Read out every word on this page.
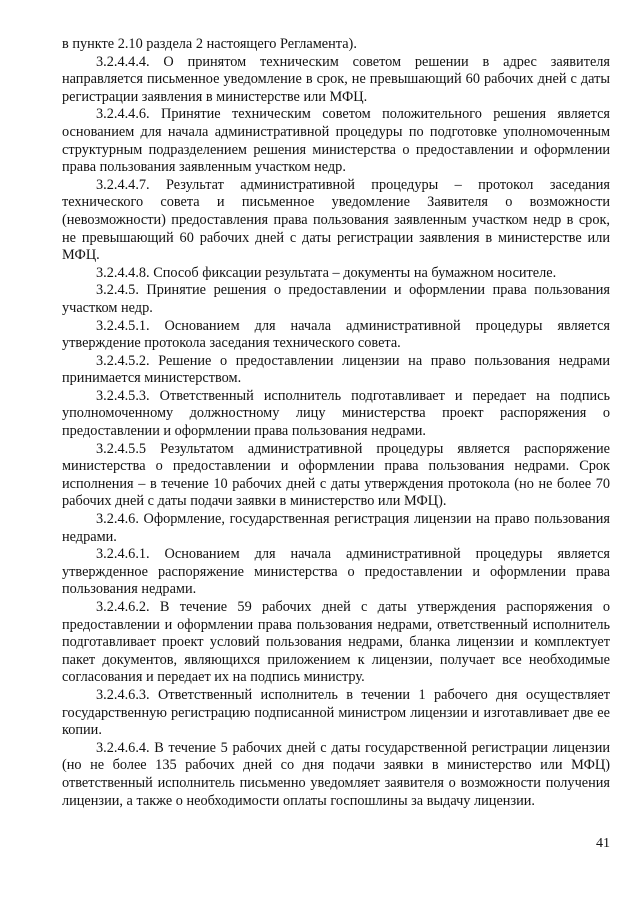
в пункте 2.10 раздела 2 настоящего Регламента).

3.2.4.4.4. О принятом техническим советом решении в адрес заявителя направляется письменное уведомление в срок, не превышающий 60 рабочих дней с даты регистрации заявления в министерстве или МФЦ.

3.2.4.4.6. Принятие техническим советом положительного решения является основанием для начала административной процедуры по подготовке уполномоченным структурным подразделением решения министерства о предоставлении и оформлении права пользования заявленным участком недр.

3.2.4.4.7. Результат административной процедуры – протокол заседания технического совета и письменное уведомление Заявителя о возможности (невозможности) предоставления права пользования заявленным участком недр в срок, не превышающий 60 рабочих дней с даты регистрации заявления в министерстве или МФЦ.

3.2.4.4.8. Способ фиксации результата – документы на бумажном носителе.

3.2.4.5. Принятие решения о предоставлении и оформлении права пользования участком недр.

3.2.4.5.1. Основанием для начала административной процедуры является утверждение протокола заседания технического совета.

3.2.4.5.2. Решение о предоставлении лицензии на право пользования недрами принимается министерством.

3.2.4.5.3. Ответственный исполнитель подготавливает и передает на подпись уполномоченному должностному лицу министерства проект распоряжения о предоставлении и оформлении права пользования недрами.

3.2.4.5.5 Результатом административной процедуры является распоряжение министерства о предоставлении и оформлении права пользования недрами. Срок исполнения – в течение 10 рабочих дней с даты утверждения протокола (но не более 70 рабочих дней с даты подачи заявки в министерство или МФЦ).

3.2.4.6. Оформление, государственная регистрация лицензии на право пользования недрами.

3.2.4.6.1. Основанием для начала административной процедуры является утвержденное распоряжение министерства о предоставлении и оформлении права пользования недрами.

3.2.4.6.2. В течение 59 рабочих дней с даты утверждения распоряжения о предоставлении и оформлении права пользования недрами, ответственный исполнитель подготавливает проект условий пользования недрами, бланка лицензии и комплектует пакет документов, являющихся приложением к лицензии, получает все необходимые согласования и передает их на подпись министру.

3.2.4.6.3. Ответственный исполнитель в течении 1 рабочего дня осуществляет государственную регистрацию подписанной министром лицензии и изготавливает две ее копии.

3.2.4.6.4. В течение 5 рабочих дней с даты государственной регистрации лицензии (но не более 135 рабочих дней со дня подачи заявки в министерство или МФЦ) ответственный исполнитель письменно уведомляет заявителя о возможности получения лицензии, а также о необходимости оплаты госпошлины за выдачу лицензии.

41
